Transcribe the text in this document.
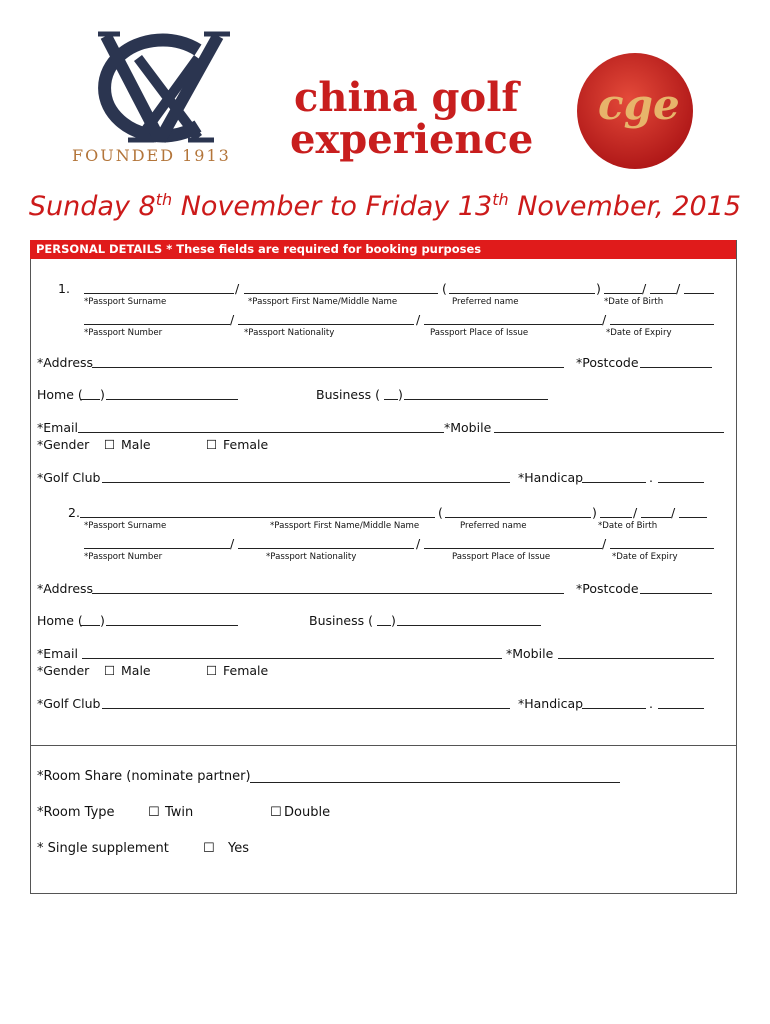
FOUNDED 1913
china golf
experience
cge
Sunday 8th November to Friday 13th November, 2015
PERSONAL DETAILS * These fields are required for booking purposes
1.	/	(	)	/ /
*Passport Surname	*Passport First Name/Middle Name	Preferred name	*Date of Birth
/	/	/
*Passport Number	*Passport Nationality	Passport Place of Issue	*Date of Expiry
*Address	*Postcode
Home ( )	Business ( )
*Email	*Mobile
*Gender ☐ Male	☐ Female
*Golf Club	*Handicap	.
2.	(	)	/	/
*Passport Surname	*Passport First Name/Middle Name	Preferred name	*Date of Birth
/	/	/
*Passport Number	*Passport Nationality	Passport Place of Issue	*Date of Expiry
*Address	*Postcode
Home ( )	Business ( )
*Email	*Mobile
*Gender ☐ Male	☐ Female
*Golf Club	*Handicap	.
*Room Share (nominate partner)
*Room Type	☐ Twin	☐ Double
* Single supplement	☐ Yes
